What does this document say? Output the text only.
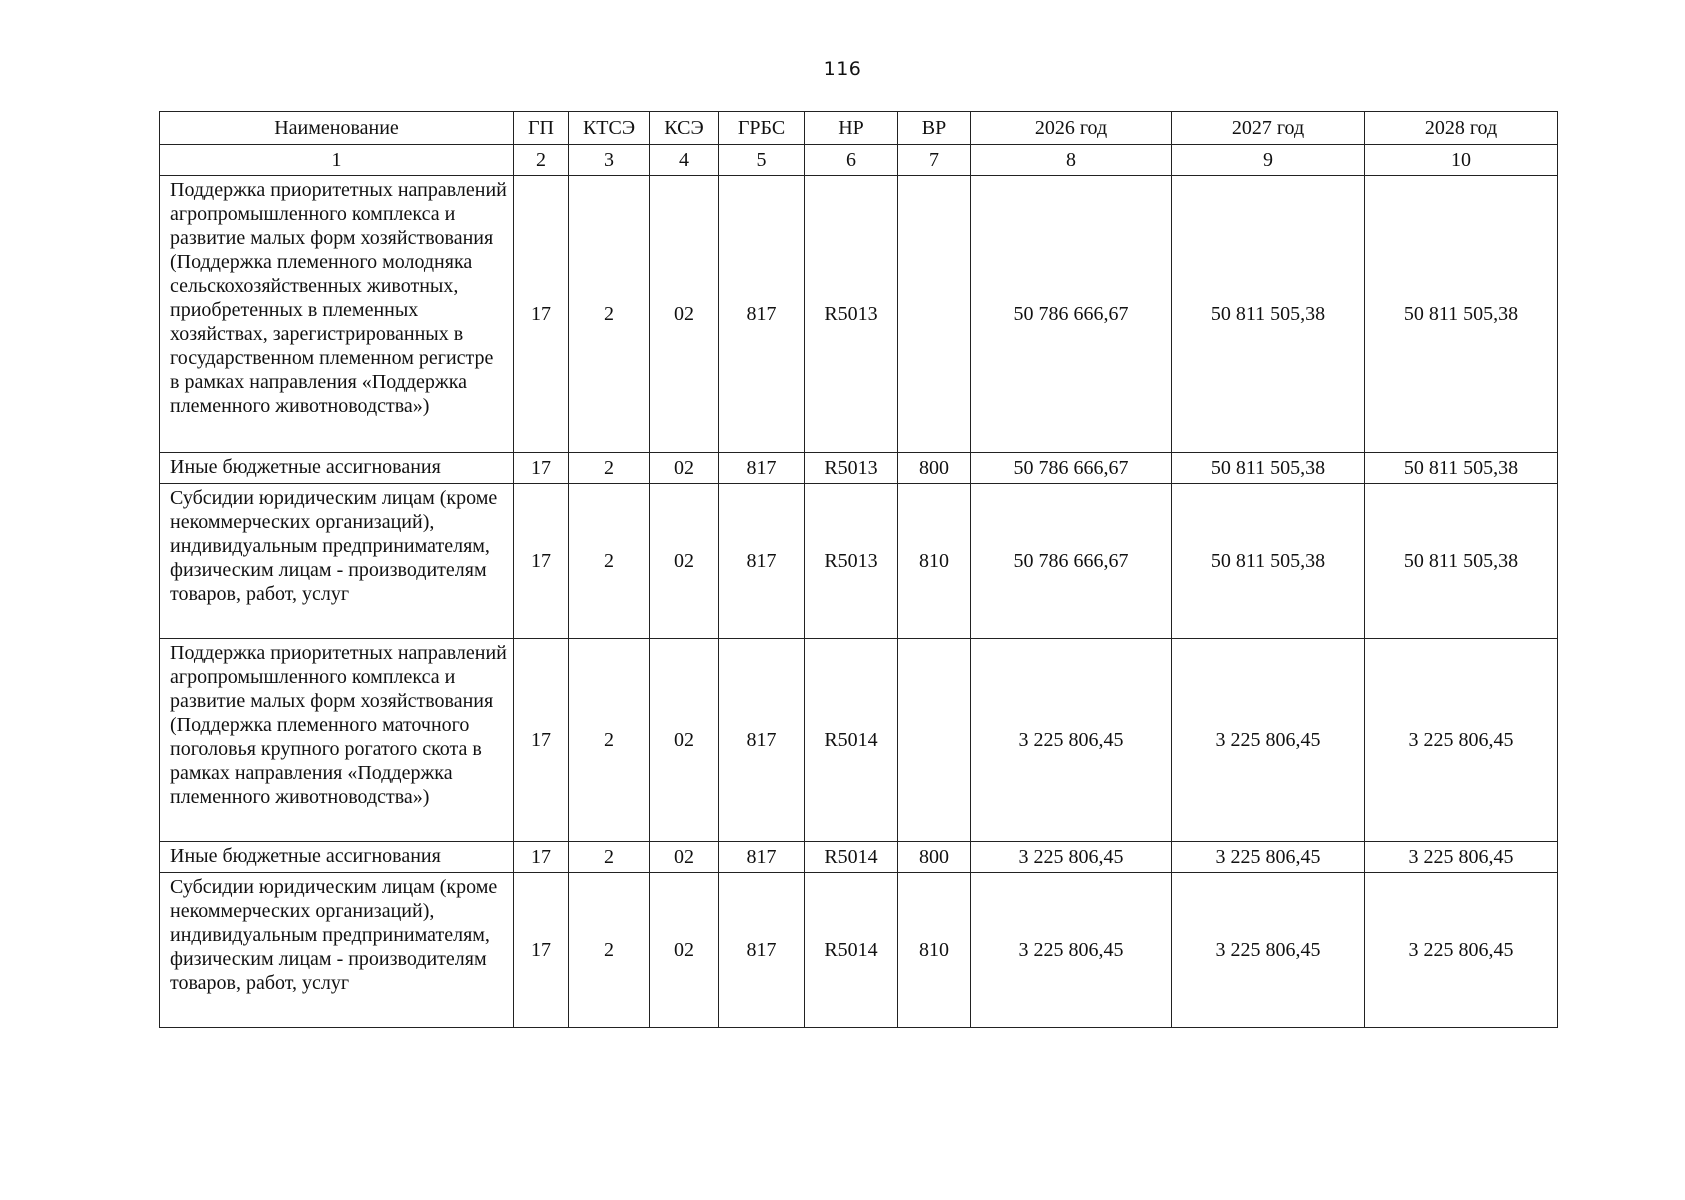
116
Наименование	ГП	КТСЭ	КСЭ	ГРБС	НР	ВР	2026 год	2027 год	2028 год
1	2	3	4	5	6	7	8	9	10
Поддержка приоритетных направлений агропромышленного комплекса и развитие малых форм хозяйствования (Поддержка племенного молодняка сельскохозяйственных животных, приобретенных в племенных хозяйствах, зарегистрированных в государственном племенном регистре в рамках направления «Поддержка племенного животноводства»)	17	2	02	817	R5013		50 786 666,67	50 811 505,38	50 811 505,38
Иные бюджетные ассигнования	17	2	02	817	R5013	800	50 786 666,67	50 811 505,38	50 811 505,38
Субсидии юридическим лицам (кроме некоммерческих организаций), индивидуальным предпринимателям, физическим лицам - производителям товаров, работ, услуг	17	2	02	817	R5013	810	50 786 666,67	50 811 505,38	50 811 505,38
Поддержка приоритетных направлений агропромышленного комплекса и развитие малых форм хозяйствования (Поддержка племенного маточного поголовья крупного рогатого скота в рамках направления «Поддержка племенного животноводства»)	17	2	02	817	R5014		3 225 806,45	3 225 806,45	3 225 806,45
Иные бюджетные ассигнования	17	2	02	817	R5014	800	3 225 806,45	3 225 806,45	3 225 806,45
Субсидии юридическим лицам (кроме некоммерческих организаций), индивидуальным предпринимателям, физическим лицам - производителям товаров, работ, услуг	17	2	02	817	R5014	810	3 225 806,45	3 225 806,45	3 225 806,45
